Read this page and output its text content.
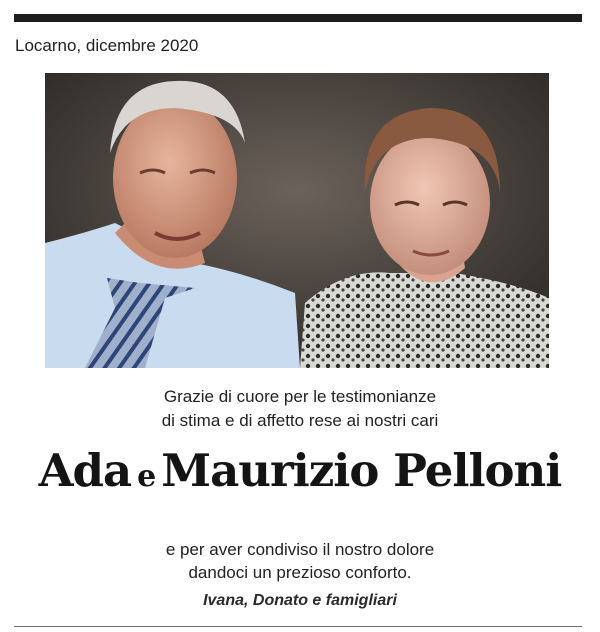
Locarno, dicembre 2020
Grazie di cuore per le testimonianze
di stima e di affetto rese ai nostri cari
Ada e Maurizio Pelloni
e per aver condiviso il nostro dolore
dandoci un prezioso conforto.
Ivana, Donato e famigliari
